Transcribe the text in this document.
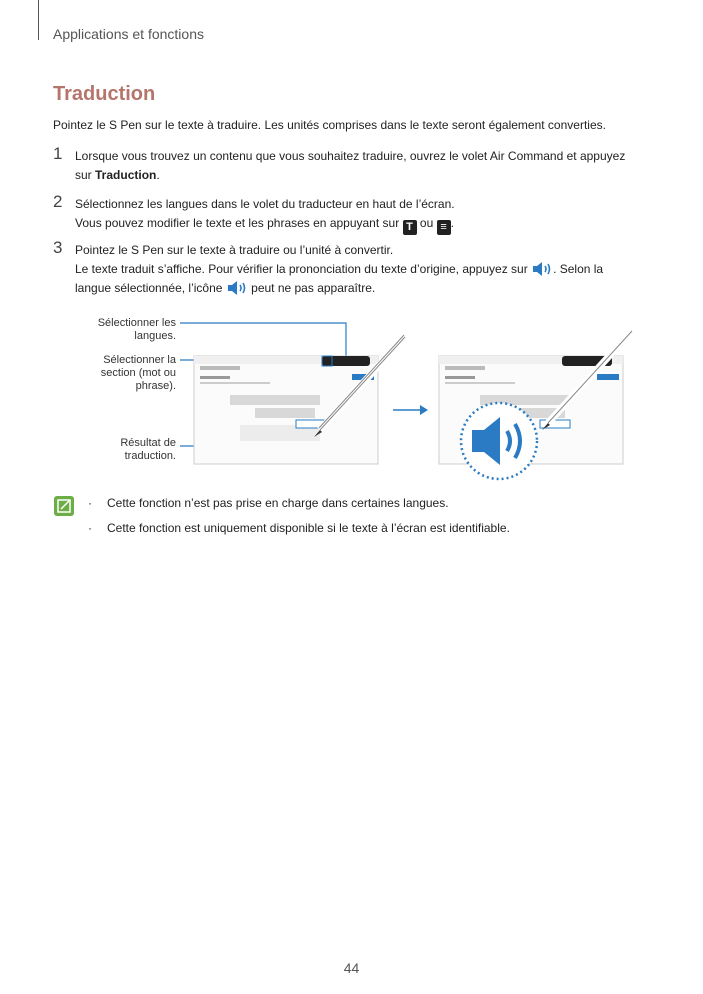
Applications et fonctions
Traduction
Pointez le S Pen sur le texte à traduire. Les unités comprises dans le texte seront également converties.
1 Lorsque vous trouvez un contenu que vous souhaitez traduire, ouvrez le volet Air Command et appuyez
sur Traduction.
2 Sélectionnez les langues dans le volet du traducteur en haut de l’écran.
Vous pouvez modifier le texte et les phrases en appuyant sur T ou ≡ .
3 Pointez le S Pen sur le texte à traduire ou l’unité à convertir.
Le texte traduit s’affiche. Pour vérifier la prononciation du texte d’origine, appuyez sur . Selon la
langue sélectionnée, l’icône peut ne pas apparaître.
Sélectionner les langues.
Sélectionner la section (mot ou phrase).
Résultat de traduction.
· Cette fonction n’est pas prise en charge dans certaines langues.
· Cette fonction est uniquement disponible si le texte à l’écran est identifiable.
44
